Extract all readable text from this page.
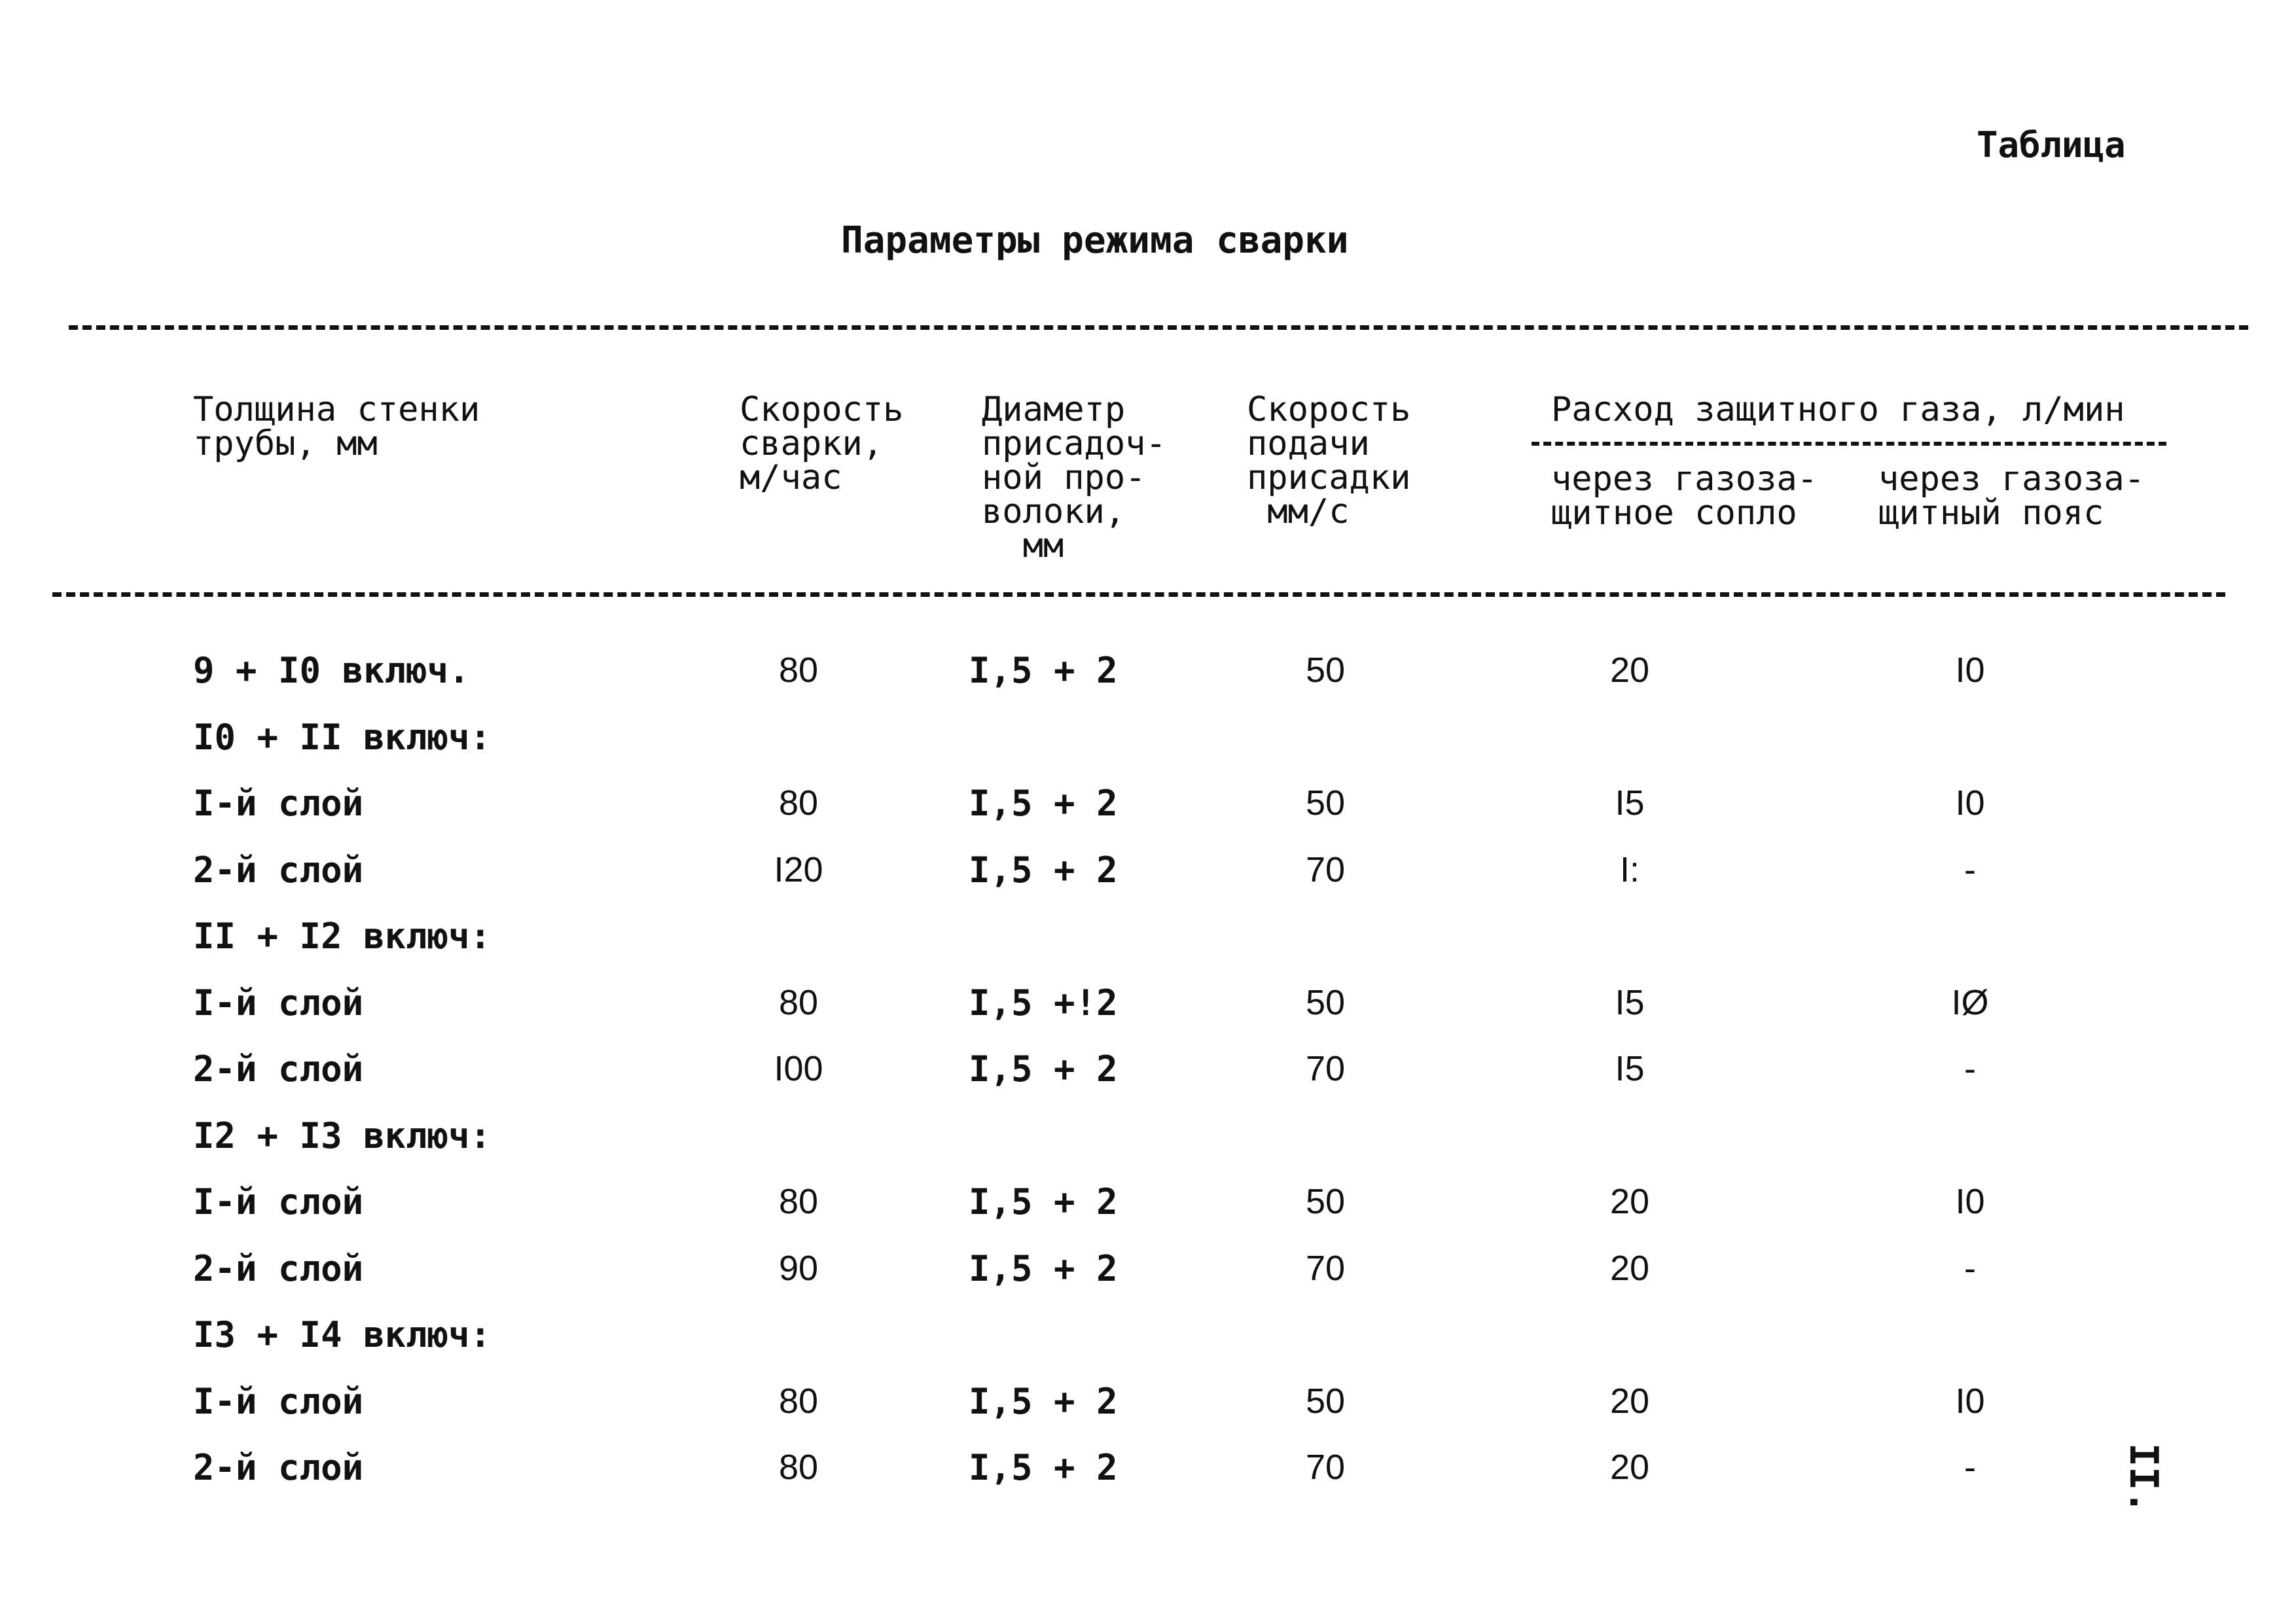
Таблица
Параметры режима сварки
Толщина стенки
трубы, мм
Скорость
сварки,
м/час
Диаметр
присадоч-
ной про-
волоки,
мм
Скорость
подачи
присадки
мм/с
Расход защитного газа, л/мин
через газоза-
щитное сопло
через газоза-
щитный пояс
9 + I0 включ.	80	I,5 + 2	50	20	I0
I0 + II включ:
I-й слой	80	I,5 + 2	50	I5	I0
2-й слой	I20	I,5 + 2	70	I:	-
II + I2 включ:
I-й слой	80	I,5 +!2	50	I5	IØ
2-й слой	I00	I,5 + 2	70	I5	-
I2 + I3 включ:
I-й слой	80	I,5 + 2	50	20	I0
2-й слой	90	I,5 + 2	70	20	-
I3 + I4 включ:
I-й слой	80	I,5 + 2	50	20	I0
2-й слой	80	I,5 + 2	70	20	-	II.
